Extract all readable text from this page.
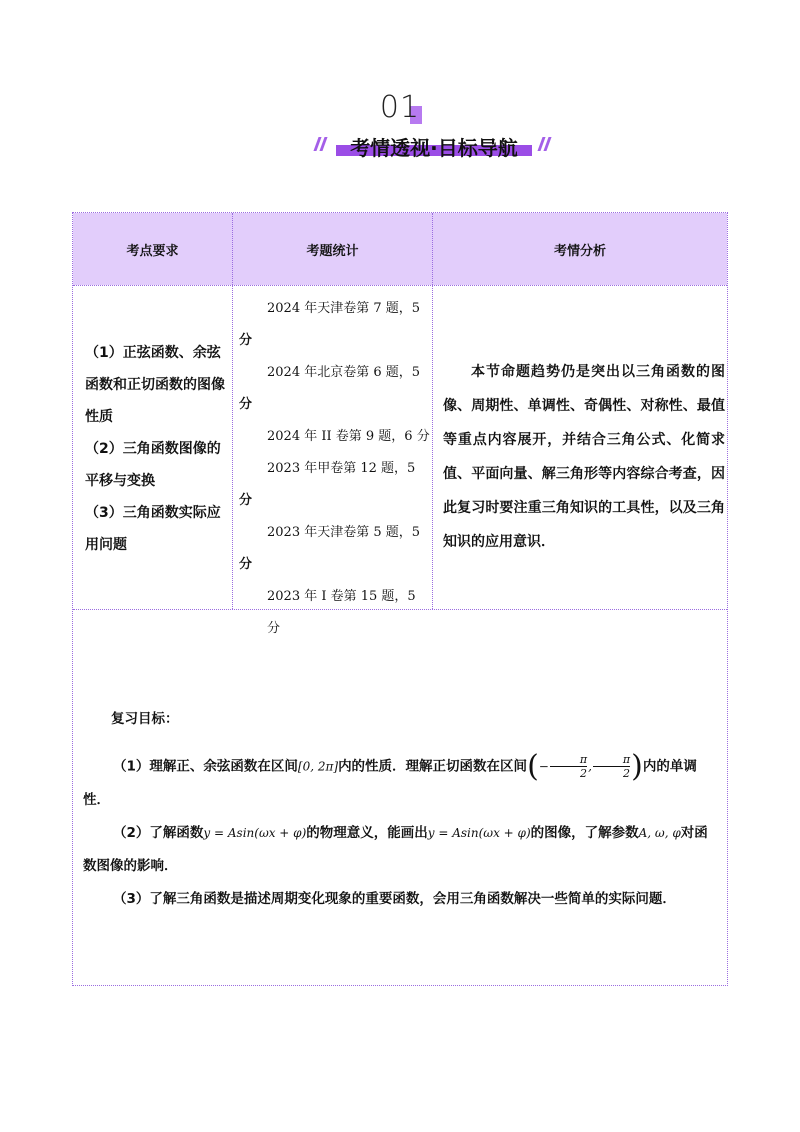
01
考情透视·目标导航
考点要求	考题统计	考情分析
（1）正弦函数、余弦函数和正切函数的图像性质
（2）三角函数图像的平移与变换
（3）三角函数实际应用问题
2024 年天津卷第 7 题，5
分
2024 年北京卷第 6 题，5
分
2024 年 II 卷第 9 题，6 分
2023 年甲卷第 12 题，5
分
2023 年天津卷第 5 题，5
分
2023 年 I 卷第 15 题，5 分
本节命题趋势仍是突出以三角函数的图像、周期性、单调性、奇偶性、对称性、最值等重点内容展开，并结合三角公式、化简求值、平面向量、解三角形等内容综合考查，因此复习时要注重三角知识的工具性，以及三角知识的应用意识．
复习目标：
（1）理解正、余弦函数在区间[0, 2π]内的性质．理解正切函数在区间(− $\frac{\pi}{2}$ , $\frac{\pi}{2}$ )内的单调性．
（2）了解函数y = Asin(ωx + φ)的物理意义，能画出y = Asin(ωx + φ)的图像，了解参数A, ω, φ对函数图像的影响．
（3）了解三角函数是描述周期变化现象的重要函数，会用三角函数解决一些简单的实际问题．
